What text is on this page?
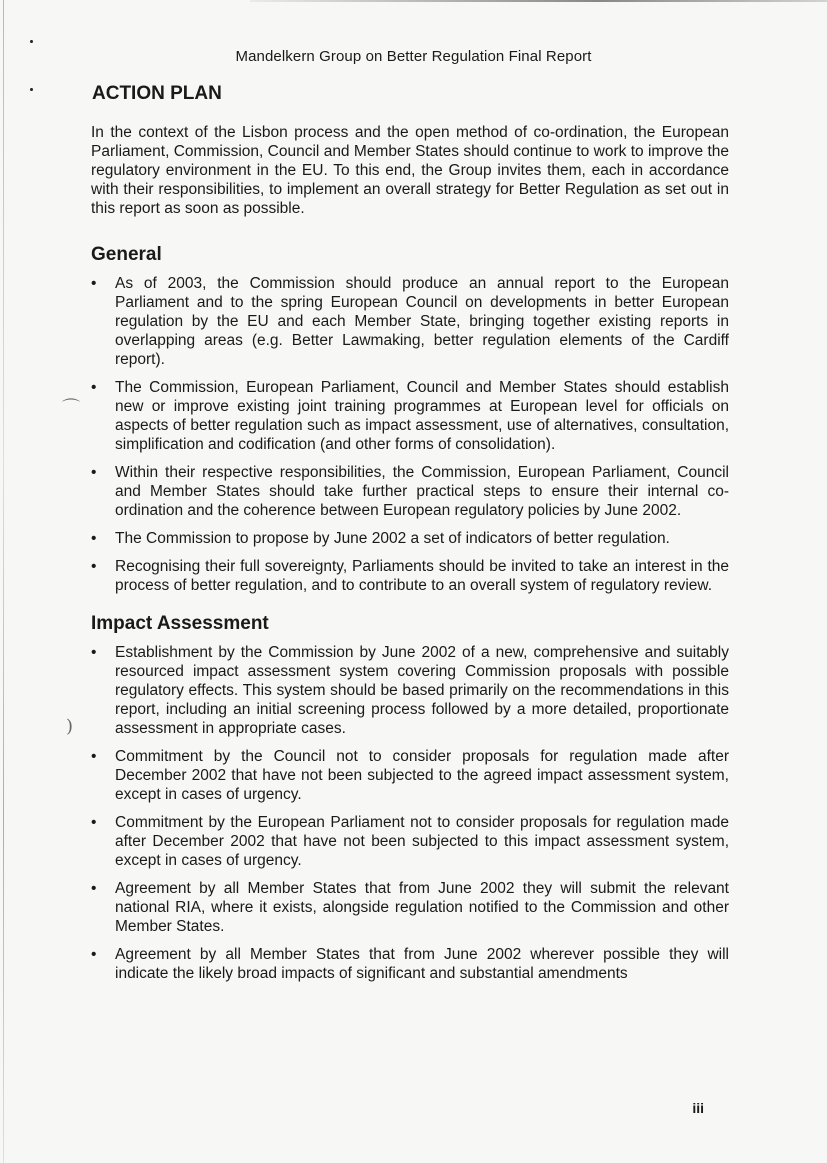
⌒
)
Mandelkern Group on Better Regulation Final Report
ACTION PLAN

In the context of the Lisbon process and the open method of co-ordination, the European Parliament, Commission, Council and Member States should continue to work to improve the regulatory environment in the EU. To this end, the Group invites them, each in accordance with their responsibilities, to implement an overall strategy for Better Regulation as set out in this report as soon as possible.

General
• As of 2003, the Commission should produce an annual report to the European Parliament and to the spring European Council on developments in better European regulation by the EU and each Member State, bringing together existing reports in overlapping areas (e.g. Better Lawmaking, better regulation elements of the Cardiff report).
• The Commission, European Parliament, Council and Member States should establish new or improve existing joint training programmes at European level for officials on aspects of better regulation such as impact assessment, use of alternatives, consultation, simplification and codification (and other forms of consolidation).
• Within their respective responsibilities, the Commission, European Parliament, Council and Member States should take further practical steps to ensure their internal co-ordination and the coherence between European regulatory policies by June 2002.
• The Commission to propose by June 2002 a set of indicators of better regulation.
• Recognising their full sovereignty, Parliaments should be invited to take an interest in the process of better regulation, and to contribute to an overall system of regulatory review.
Impact Assessment
• Establishment by the Commission by June 2002 of a new, comprehensive and suitably resourced impact assessment system covering Commission proposals with possible regulatory effects. This system should be based primarily on the recommendations in this report, including an initial screening process followed by a more detailed, proportionate assessment in appropriate cases.
• Commitment by the Council not to consider proposals for regulation made after December 2002 that have not been subjected to the agreed impact assessment system, except in cases of urgency.
• Commitment by the European Parliament not to consider proposals for regulation made after December 2002 that have not been subjected to this impact assessment system, except in cases of urgency.
• Agreement by all Member States that from June 2002 they will submit the relevant national RIA, where it exists, alongside regulation notified to the Commission and other Member States.
• Agreement by all Member States that from June 2002 wherever possible they will indicate the likely broad impacts of significant and substantial amendments
iii
